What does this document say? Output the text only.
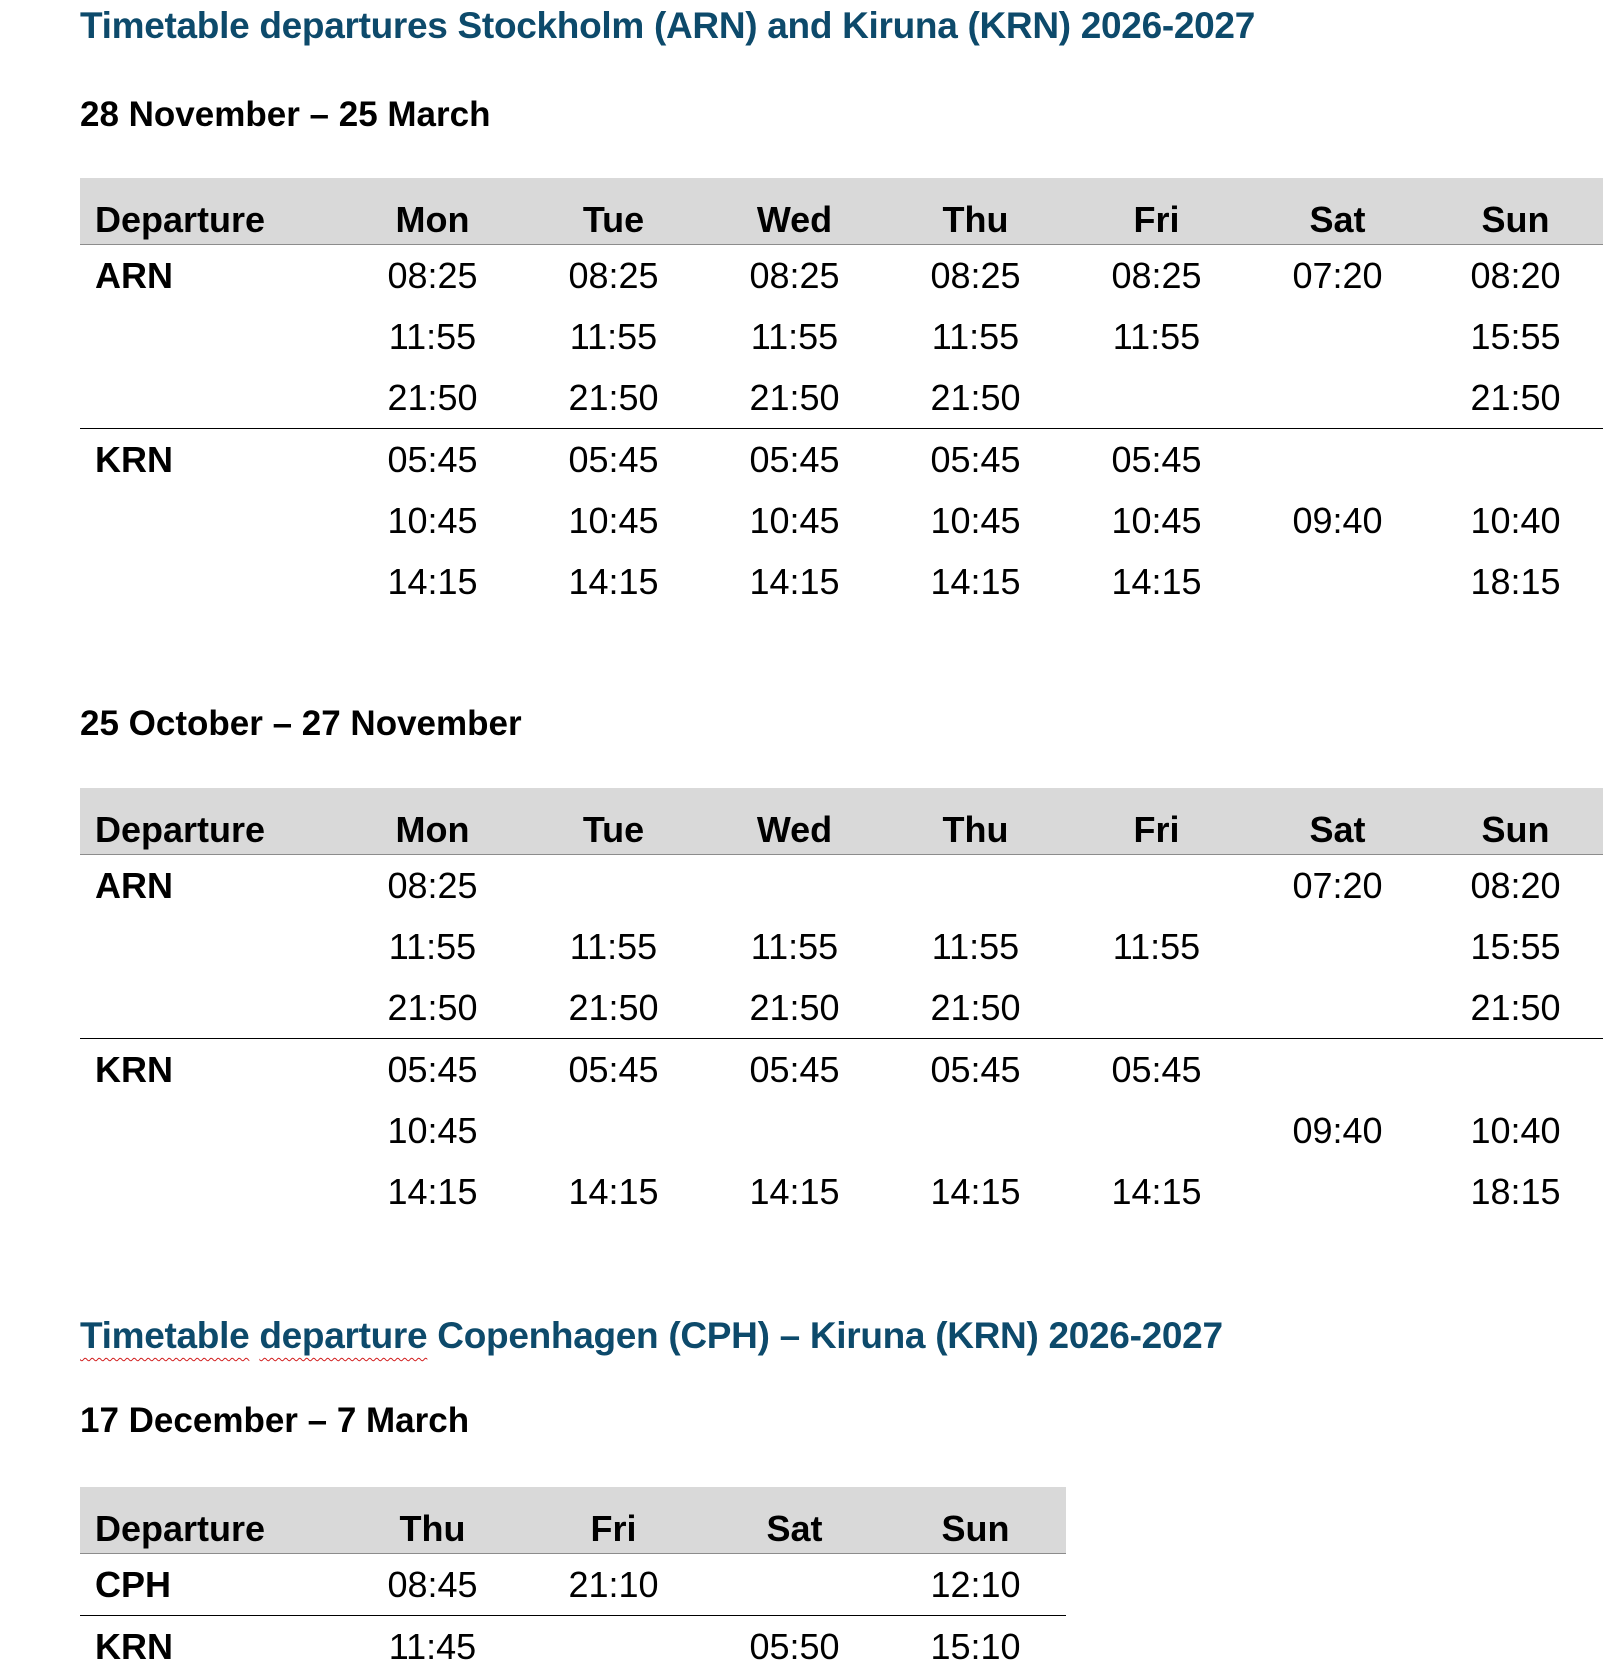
Timetable departures Stockholm (ARN) and Kiruna (KRN) 2026-2027
28 November – 25 March
Departure	Mon	Tue	Wed	Thu	Fri	Sat	Sun
ARN	08:25	08:25	08:25	08:25	08:25	07:20	08:20
	11:55	11:55	11:55	11:55	11:55		15:55
	21:50	21:50	21:50	21:50			21:50
KRN	05:45	05:45	05:45	05:45	05:45		
	10:45	10:45	10:45	10:45	10:45	09:40	10:40
	14:15	14:15	14:15	14:15	14:15		18:15
25 October – 27 November
Departure	Mon	Tue	Wed	Thu	Fri	Sat	Sun
ARN	08:25					07:20	08:20
	11:55	11:55	11:55	11:55	11:55		15:55
	21:50	21:50	21:50	21:50			21:50
KRN	05:45	05:45	05:45	05:45	05:45		
	10:45					09:40	10:40
	14:15	14:15	14:15	14:15	14:15		18:15
Timetable departure Copenhagen (CPH) – Kiruna (KRN) 2026-2027
17 December – 7 March
Departure	Thu	Fri	Sat	Sun
CPH	08:45	21:10		12:10
KRN	11:45		05:50	15:10
